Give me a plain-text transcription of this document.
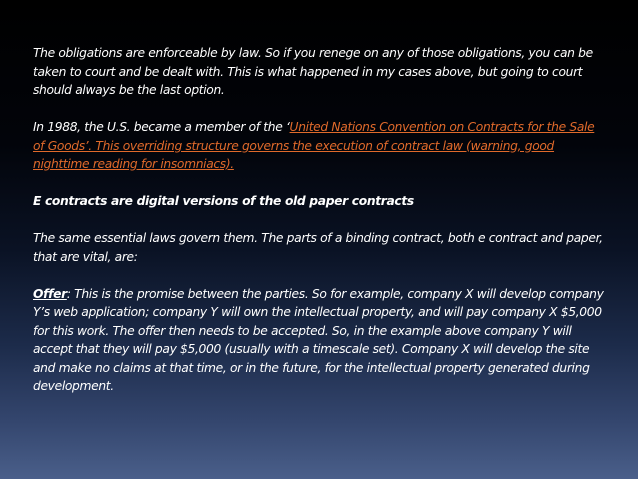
The obligations are enforceable by law. So if you renege on any of those obligations, you can be taken to court and be dealt with. This is what happened in my cases above, but going to court should always be the last option.

In 1988, the U.S. became a member of the ‘United Nations Convention on Contracts for the Sale of Goods’. This overriding structure governs the execution of contract law (warning, good nighttime reading for insomniacs).

E contracts are digital versions of the old paper contracts

The same essential laws govern them. The parts of a binding contract, both e contract and paper, that are vital, are:

Offer: This is the promise between the parties. So for example, company X will develop company Y’s web application; company Y will own the intellectual property, and will pay company X $5,000 for this work. The offer then needs to be accepted. So, in the example above company Y will accept that they will pay $5,000 (usually with a timescale set). Company X will develop the site and make no claims at that time, or in the future, for the intellectual property generated during development.
